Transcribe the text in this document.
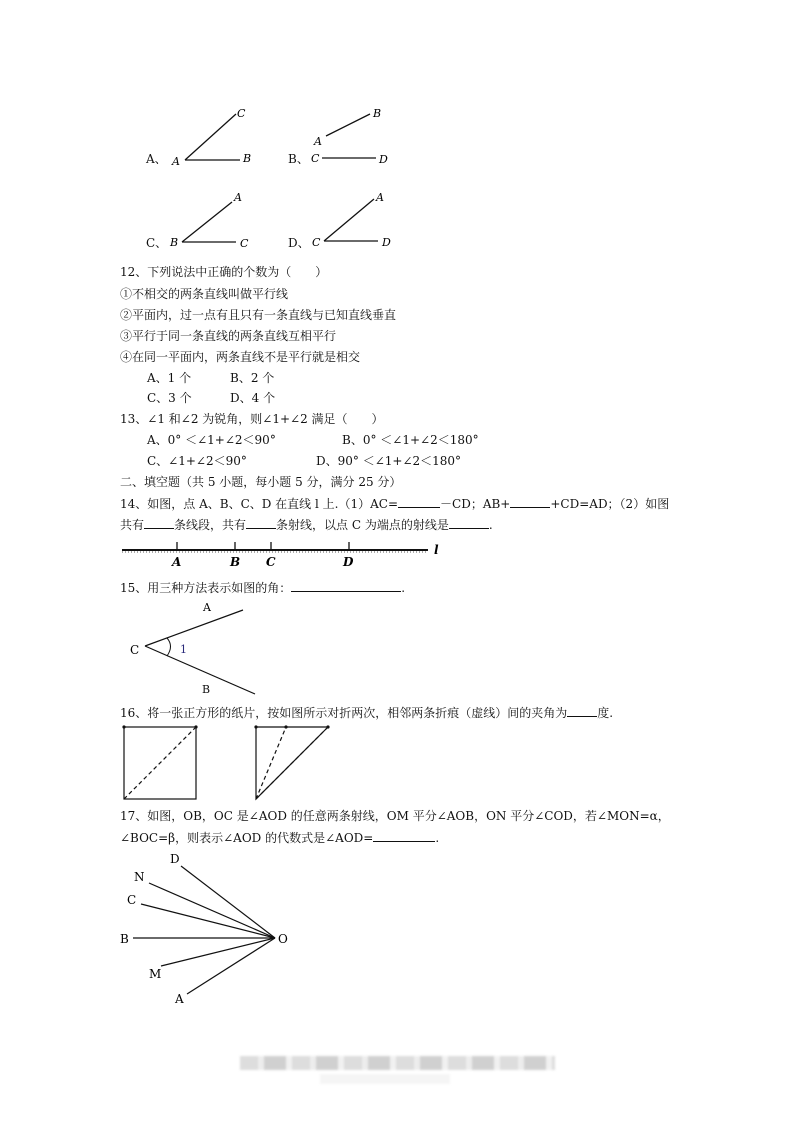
A、 A	B
C
B、
A
B
C	D
C、
A
B	C	D、
A
C	D
12、下列说法中正确的个数为（　　）
①不相交的两条直线叫做平行线
②平面内，过一点有且只有一条直线与已知直线垂直
③平行于同一条直线的两条直线互相平行
④在同一平面内，两条直线不是平行就是相交
A、1 个	B、2 个
C、3 个	D、4 个
13、∠1 和∠2 为锐角，则∠1+∠2 满足（　　）
A、0° ＜∠1+∠2＜90°	B、0° ＜∠1+∠2＜180°
C、∠1+∠2＜90°	D、90° ＜∠1+∠2＜180°
二、填空题（共 5 小题，每小题 5 分，满分 25 分）
14、如图，点 A、B、C、D 在直线 l 上.（1）AC=	－CD；AB+	+CD=AD；（2）如图
共有	条线段，共有	条射线，以点 C 为端点的射线是	.
A	B C	D
l
15、用三种方法表示如图的角：	.
A
C	1
B
16、将一张正方形的纸片，按如图所示对折两次，相邻两条折痕（虚线）间的夹角为	度.
17、如图，OB，OC 是∠AOD 的任意两条射线，OM 平分∠AOB，ON 平分∠COD，若∠MON=α，
∠BOC=β，则表示∠AOD 的代数式是∠AOD=	.
D
N
C
B
M
A
O
